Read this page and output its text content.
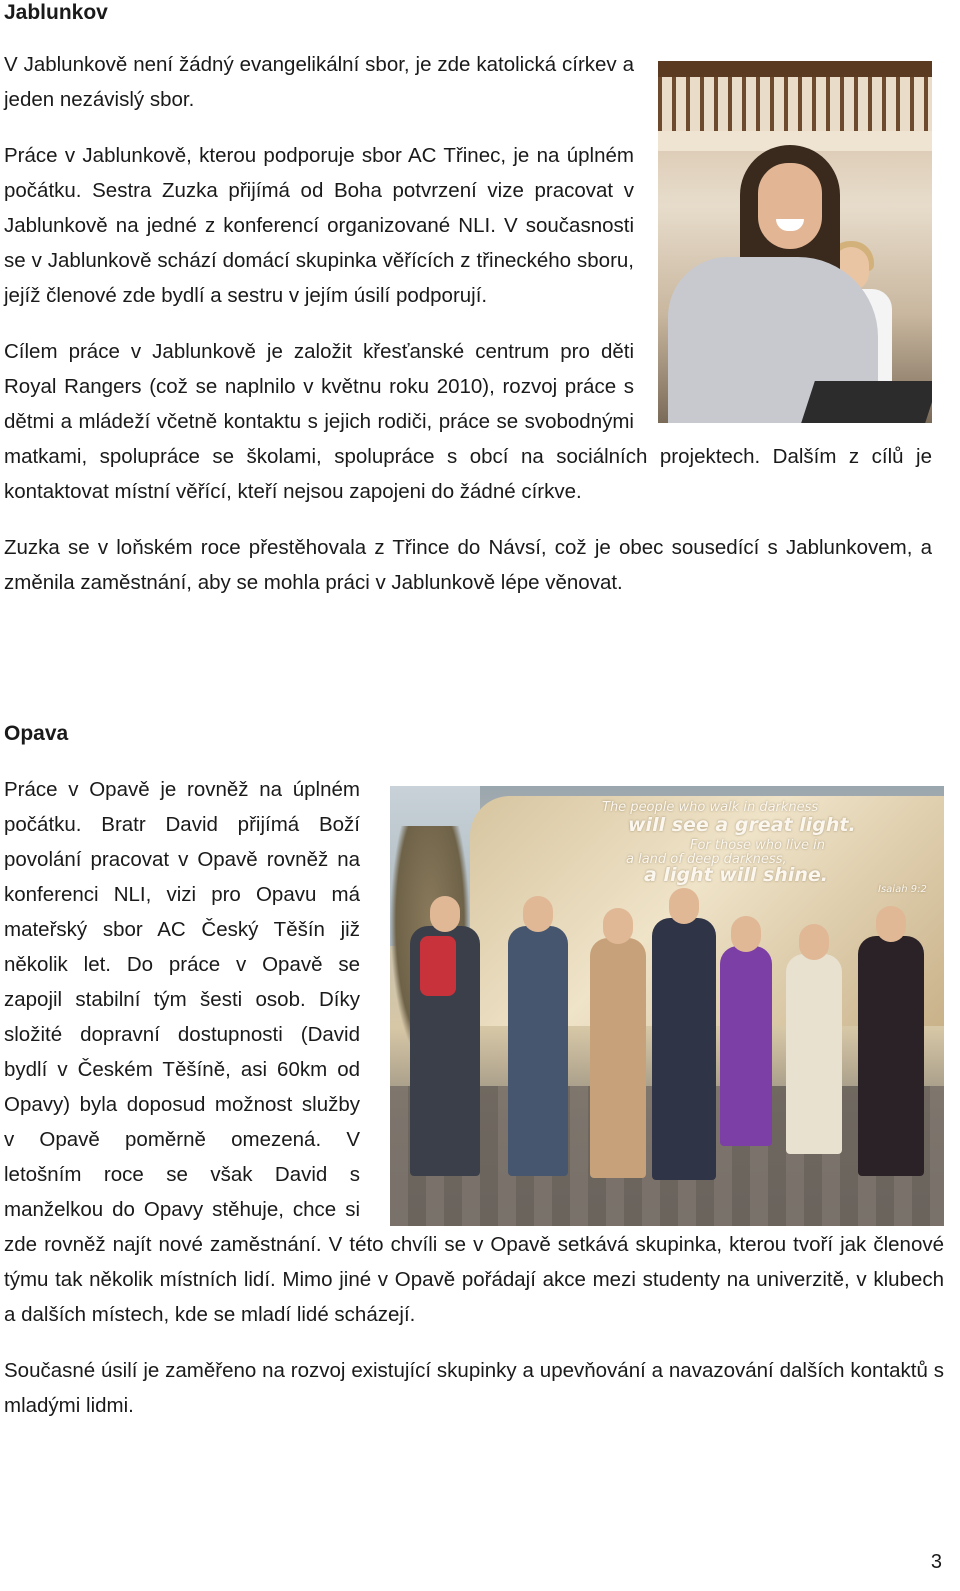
Jablunkov

V Jablunkově není žádný evangelikální sbor, je zde katolická církev a jeden nezávislý sbor.

Práce v Jablunkově, kterou podporuje sbor AC Třinec, je na úplném počátku. Sestra Zuzka přijímá od Boha potvrzení vize pracovat v Jablunkově na jedné z konferencí organizované NLI. V současnosti se v Jablunkově schází domácí skupinka věřících z třineckého sboru, jejíž členové zde bydlí a sestru v jejím úsilí podporují.

Cílem práce v Jablunkově je založit křesťanské centrum pro děti Royal Rangers (což se naplnilo v květnu roku 2010), rozvoj práce s dětmi a mládeží včetně kontaktu s jejich rodiči, práce se svobodnými matkami, spolupráce se školami, spolupráce s obcí na sociálních projektech. Dalším z cílů je kontaktovat místní věřící, kteří nejsou zapojeni do žádné církve.

Zuzka se v loňském roce přestěhovala z Třince do Návsí, což je obec sousedící s Jablunkovem, a změnila zaměstnání, aby se mohla práci v Jablunkově lépe věnovat.

Opava
The people who walk in darkness
will see a great light.
For those who live in
a land of deep darkness,
a light will shine.
Isaiah 9:2

Práce v Opavě je rovněž na úplném počátku. Bratr David přijímá Boží povolání pracovat v Opavě rovněž na konferenci NLI, vizi pro Opavu má mateřský sbor AC Český Těšín již několik let. Do práce v Opavě se zapojil stabilní tým šesti osob. Díky složité dopravní dostupnosti (David bydlí v Českém Těšíně, asi 60km od Opavy) byla doposud možnost služby v Opavě poměrně omezená. V letošním roce se však David s manželkou do Opavy stěhuje, chce si zde rovněž najít nové zaměstnání. V této chvíli se v Opavě setkává skupinka, kterou tvoří jak členové týmu tak několik místních lidí. Mimo jiné v Opavě pořádají akce mezi studenty na univerzitě, v klubech a dalších místech, kde se mladí lidé scházejí.

Současné úsilí je zaměřeno na rozvoj existující skupinky a upevňování a navazování dalších kontaktů s mladými lidmi.

3
